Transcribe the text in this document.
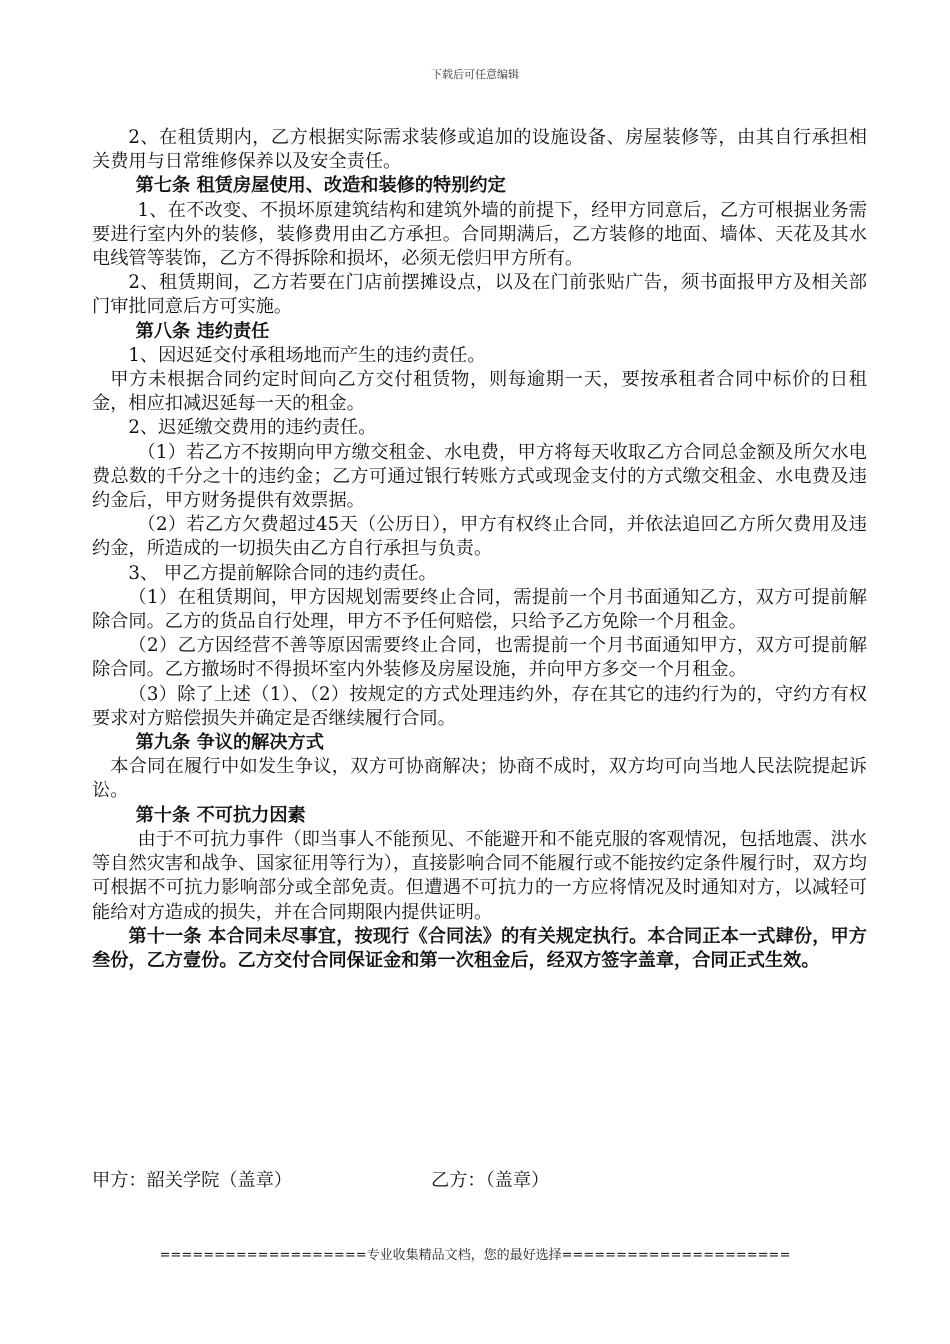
下载后可任意编辑

2、在租赁期内，乙方根据实际需求装修或追加的设施设备、房屋装修等，由其自行承担相关费用与日常维修保养以及安全责任。

第七条 租赁房屋使用、改造和装修的特别约定

1、在不改变、不损坏原建筑结构和建筑外墙的前提下，经甲方同意后，乙方可根据业务需要进行室内外的装修，装修费用由乙方承担。合同期满后，乙方装修的地面、墙体、天花及其水电线管等装饰，乙方不得拆除和损坏，必须无偿归甲方所有。

2、租赁期间，乙方若要在门店前摆摊设点，以及在门前张贴广告，须书面报甲方及相关部门审批同意后方可实施。

第八条 违约责任

1、因迟延交付承租场地而产生的违约责任。

甲方未根据合同约定时间向乙方交付租赁物，则每逾期一天，要按承租者合同中标价的日租金，相应扣减迟延每一天的租金。

2、迟延缴交费用的违约责任。

（1）若乙方不按期向甲方缴交租金、水电费，甲方将每天收取乙方合同总金额及所欠水电费总数的千分之十的违约金；乙方可通过银行转账方式或现金支付的方式缴交租金、水电费及违约金后，甲方财务提供有效票据。

（2）若乙方欠费超过45天（公历日），甲方有权终止合同，并依法追回乙方所欠费用及违约金，所造成的一切损失由乙方自行承担与负责。

3、 甲乙方提前解除合同的违约责任。

（1）在租赁期间，甲方因规划需要终止合同，需提前一个月书面通知乙方，双方可提前解除合同。乙方的货品自行处理，甲方不予任何赔偿，只给予乙方免除一个月租金。

（2）乙方因经营不善等原因需要终止合同，也需提前一个月书面通知甲方，双方可提前解除合同。乙方撤场时不得损坏室内外装修及房屋设施，并向甲方多交一个月租金。

（3）除了上述（1）、（2）按规定的方式处理违约外，存在其它的违约行为的，守约方有权要求对方赔偿损失并确定是否继续履行合同。

第九条 争议的解决方式

本合同在履行中如发生争议，双方可协商解决；协商不成时，双方均可向当地人民法院提起诉讼。

第十条 不可抗力因素

由于不可抗力事件（即当事人不能预见、不能避开和不能克服的客观情况，包括地震、洪水等自然灾害和战争、国家征用等行为），直接影响合同不能履行或不能按约定条件履行时，双方均可根据不可抗力影响部分或全部免责。但遭遇不可抗力的一方应将情况及时通知对方，以减轻可能给对方造成的损失，并在合同期限内提供证明。

第十一条 本合同未尽事宜，按现行《合同法》的有关规定执行。本合同正本一式肆份，甲方叁份，乙方壹份。乙方交付合同保证金和第一次租金后，经双方签字盖章，合同正式生效。

甲方：韶关学院（盖章）	乙方：（盖章）
===================专业收集精品文档，您的最好选择=====================
